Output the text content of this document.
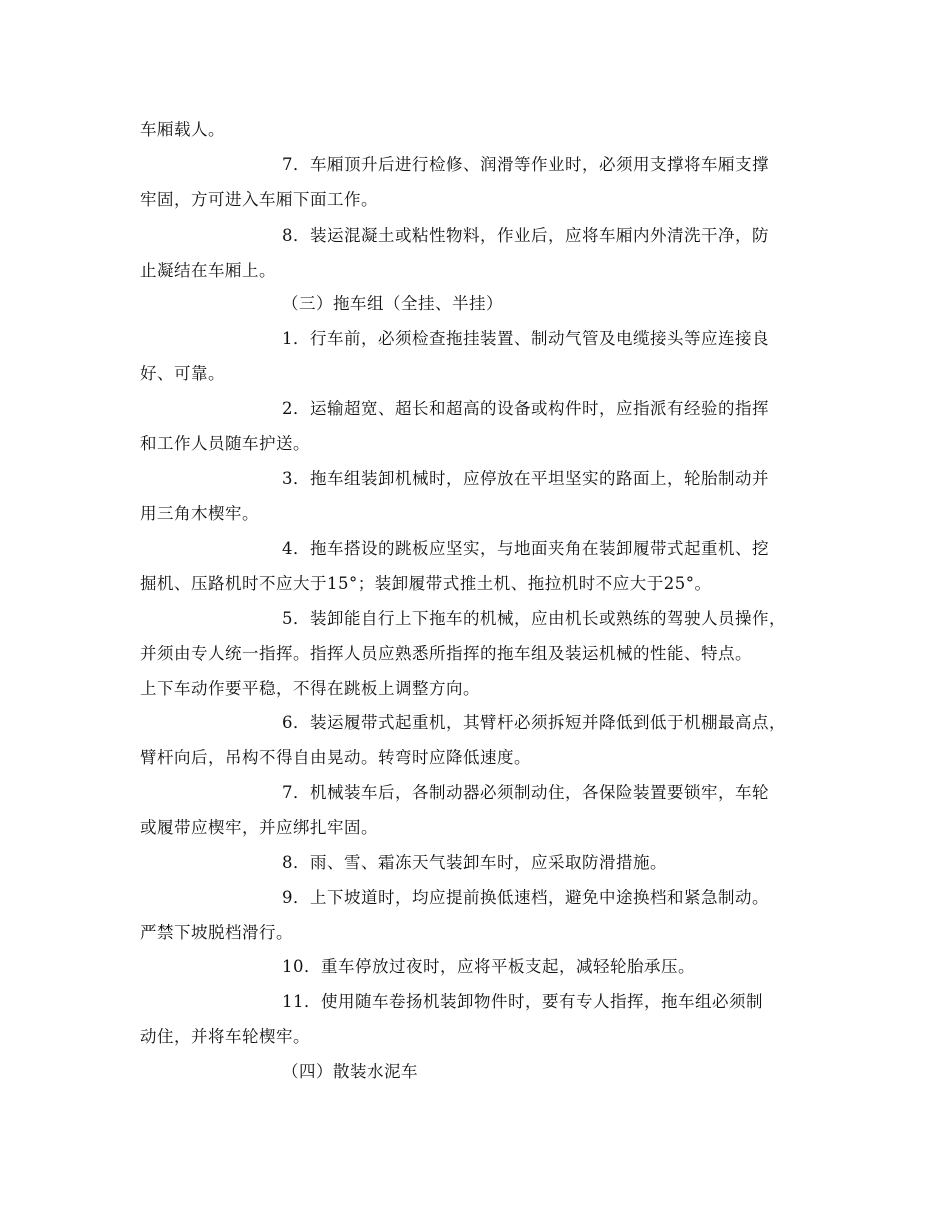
车厢载人。
7．车厢顶升后进行检修、润滑等作业时，必须用支撑将车厢支撑
牢固，方可进入车厢下面工作。
8．装运混凝土或粘性物料，作业后，应将车厢内外清洗干净，防
止凝结在车厢上。
（三）拖车组（全挂、半挂）
1．行车前，必须检查拖挂装置、制动气管及电缆接头等应连接良
好、可靠。
2．运输超宽、超长和超高的设备或构件时，应指派有经验的指挥
和工作人员随车护送。
3．拖车组装卸机械时，应停放在平坦坚实的路面上，轮胎制动并
用三角木楔牢。
4．拖车搭设的跳板应坚实，与地面夹角在装卸履带式起重机、挖
掘机、压路机时不应大于15°；装卸履带式推土机、拖拉机时不应大于25°。
5．装卸能自行上下拖车的机械，应由机长或熟练的驾驶人员操作，
并须由专人统一指挥。指挥人员应熟悉所指挥的拖车组及装运机械的性能、特点。
上下车动作要平稳，不得在跳板上调整方向。
6．装运履带式起重机，其臂杆必须拆短并降低到低于机棚最高点，
臂杆向后，吊构不得自由晃动。转弯时应降低速度。
7．机械装车后，各制动器必须制动住，各保险装置要锁牢，车轮
或履带应楔牢，并应绑扎牢固。
8．雨、雪、霜冻天气装卸车时，应采取防滑措施。
9．上下坡道时，均应提前换低速档，避免中途换档和紧急制动。
严禁下坡脱档滑行。
10．重车停放过夜时，应将平板支起，减轻轮胎承压。
11．使用随车卷扬机装卸物件时，要有专人指挥，拖车组必须制
动住，并将车轮楔牢。
（四）散装水泥车
